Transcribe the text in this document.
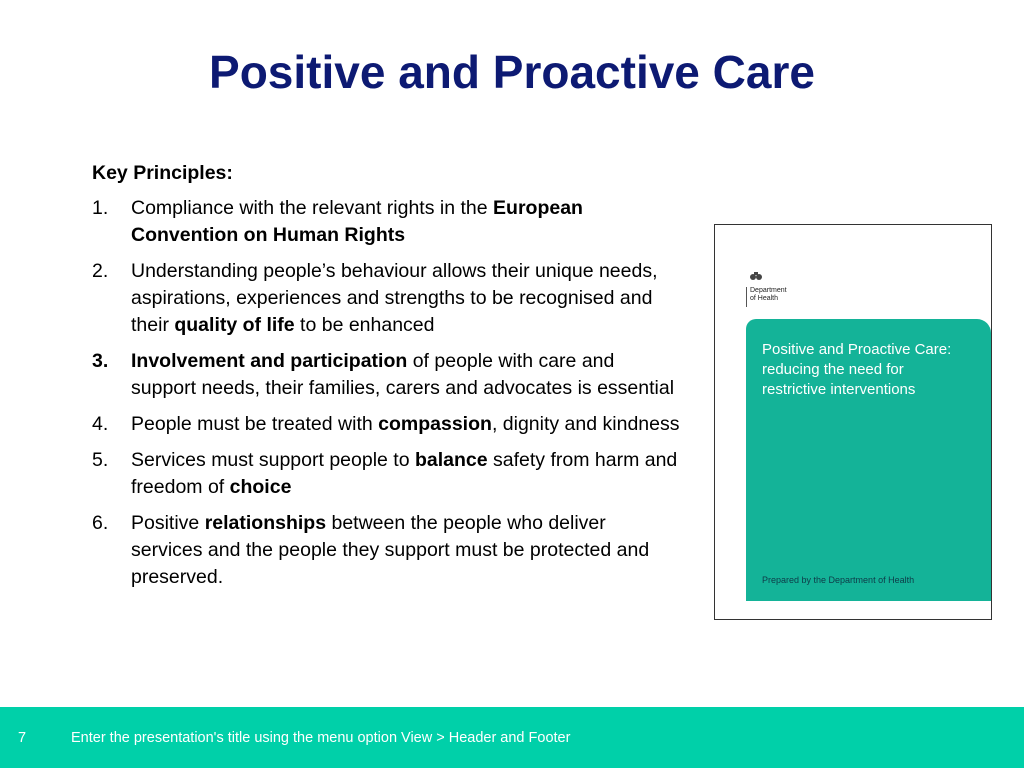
Positive and Proactive Care
Key Principles:
1. Compliance with the relevant rights in the European Convention on Human Rights
2. Understanding people’s behaviour allows their unique needs, aspirations, experiences and strengths to be recognised and their quality of life to be enhanced
3. Involvement and participation of people with care and support needs, their families, carers and advocates is essential
4. People must be treated with compassion, dignity and kindness
5. Services must support people to balance safety from harm and freedom of choice
6. Positive relationships between the people who deliver services and the people they support must be protected and preserved.
Department
of Health
Positive and Proactive Care: reducing the need for restrictive interventions
Prepared by the Department of Health
7	Enter the presentation's title using the menu option View > Header and Footer
